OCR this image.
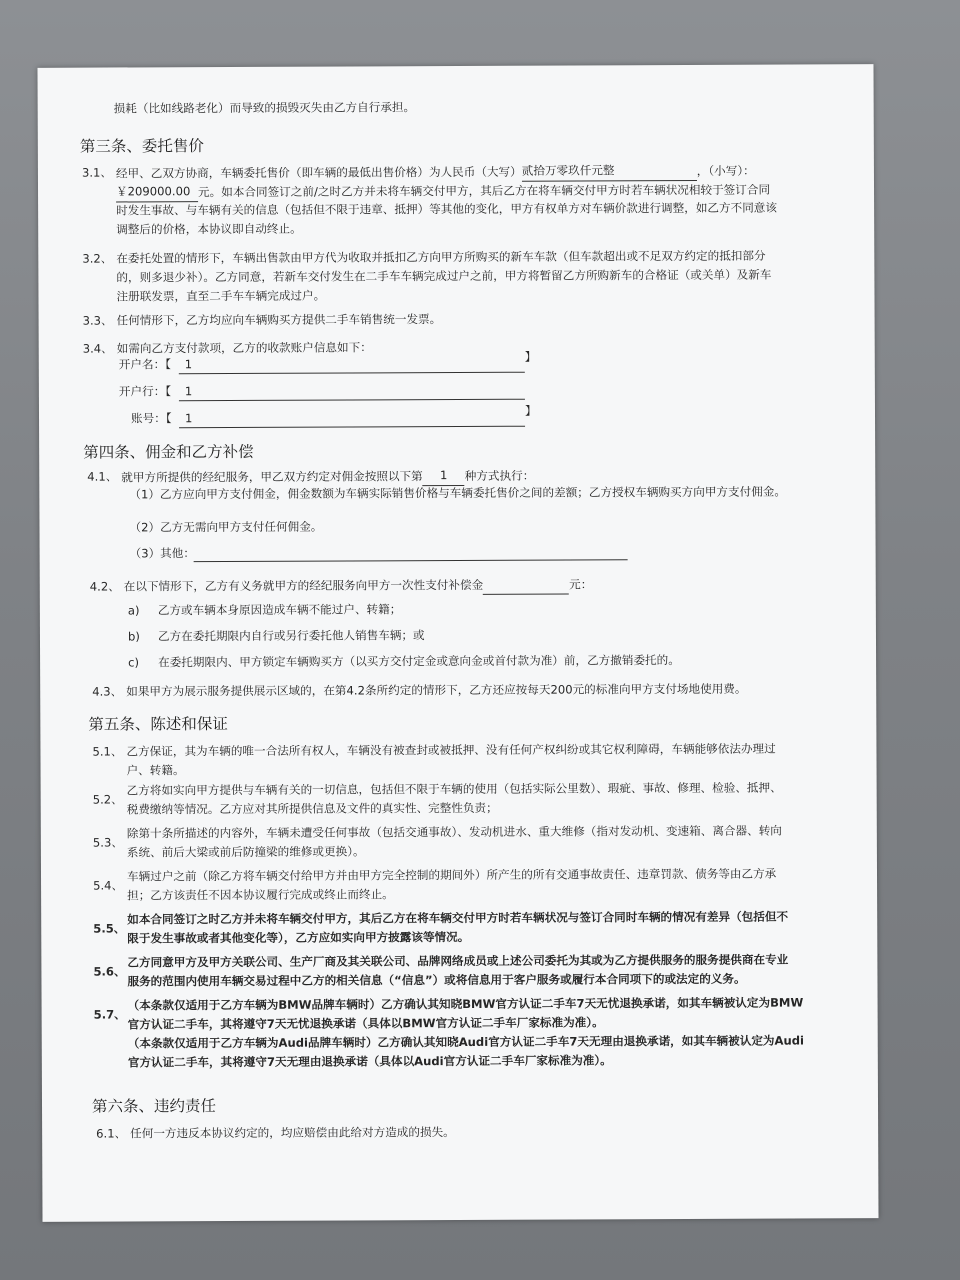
损耗（比如线路老化）而导致的损毁灭失由乙方自行承担。
第三条、委托售价
3.1、 经甲、乙双方协商，车辆委托售价（即车辆的最低出售价格）为人民币（大写）贰拾万零玖仟元整	，（小写）：
￥209000.00 元。如本合同签订之前/之时乙方并未将车辆交付甲方，其后乙方在将车辆交付甲方时若车辆状况相较于签订合同
时发生事故、与车辆有关的信息（包括但不限于违章、抵押）等其他的变化，甲方有权单方对车辆价款进行调整，如乙方不同意该
调整后的价格，本协议即自动终止。
3.2、 在委托处置的情形下，车辆出售款由甲方代为收取并抵扣乙方向甲方所购买的新车车款（但车款超出或不足双方约定的抵扣部分
的，则多退少补）。乙方同意，若新车交付发生在二手车车辆完成过户之前，甲方将暂留乙方所购新车的合格证（或关单）及新车
注册联发票，直至二手车车辆完成过户。
3.3、 任何情形下，乙方均应向车辆购买方提供二手车销售统一发票。
3.4、 如需向乙方支付款项，乙方的收款账户信息如下：
开户名：【 1
】
开户行：【 1
账号：【 1
】
第四条、佣金和乙方补偿
4.1、 就甲方所提供的经纪服务，甲乙双方约定对佣金按照以下第 1 种方式执行：
（1）乙方应向甲方支付佣金，佣金数额为车辆实际销售价格与车辆委托售价之间的差额；乙方授权车辆购买方向甲方支付佣金。
（2）乙方无需向甲方支付任何佣金。
（3）其他：
4.2、 在以下情形下，乙方有义务就甲方的经纪服务向甲方一次性支付补偿金	元：
a) 乙方或车辆本身原因造成车辆不能过户、转籍；
b) 乙方在委托期限内自行或另行委托他人销售车辆；或
c) 在委托期限内、甲方锁定车辆购买方（以买方交付定金或意向金或首付款为准）前，乙方撤销委托的。
4.3、 如果甲方为展示服务提供展示区域的，在第4.2条所约定的情形下，乙方还应按每天200元的标准向甲方支付场地使用费。
第五条、陈述和保证
5.1、 乙方保证，其为车辆的唯一合法所有权人，车辆没有被查封或被抵押、没有任何产权纠纷或其它权利障碍，车辆能够依法办理过
户、转籍。
5.2、
乙方将如实向甲方提供与车辆有关的一切信息，包括但不限于车辆的使用（包括实际公里数）、瑕疵、事故、修理、检验、抵押、
税费缴纳等情况。乙方应对其所提供信息及文件的真实性、完整性负责；
5.3、
除第十条所描述的内容外，车辆未遭受任何事故（包括交通事故）、发动机进水、重大维修（指对发动机、变速箱、离合器、转向
系统、前后大梁或前后防撞梁的维修或更换）。
5.4、
车辆过户之前（除乙方将车辆交付给甲方并由甲方完全控制的期间外）所产生的所有交通事故责任、违章罚款、债务等由乙方承
担；乙方该责任不因本协议履行完成或终止而终止。
5.5、
如本合同签订之时乙方并未将车辆交付甲方，其后乙方在将车辆交付甲方时若车辆状况与签订合同时车辆的情况有差异（包括但不
限于发生事故或者其他变化等），乙方应如实向甲方披露该等情况。
5.6、
乙方同意甲方及甲方关联公司、生产厂商及其关联公司、品牌网络成员或上述公司委托为其或为乙方提供服务的服务提供商在专业
服务的范围内使用车辆交易过程中乙方的相关信息（“信息”）或将信息用于客户服务或履行本合同项下的或法定的义务。
5.7、
（本条款仅适用于乙方车辆为BMW品牌车辆时）乙方确认其知晓BMW官方认证二手车7天无忧退换承诺，如其车辆被认定为BMW
官方认证二手车，其将遵守7天无忧退换承诺（具体以BMW官方认证二手车厂家标准为准）。
（本条款仅适用于乙方车辆为Audi品牌车辆时）乙方确认其知晓Audi官方认证二手车7天无理由退换承诺，如其车辆被认定为Audi
官方认证二手车，其将遵守7天无理由退换承诺（具体以Audi官方认证二手车厂家标准为准）。
第六条、违约责任
6.1、 任何一方违反本协议约定的，均应赔偿由此给对方造成的损失。
